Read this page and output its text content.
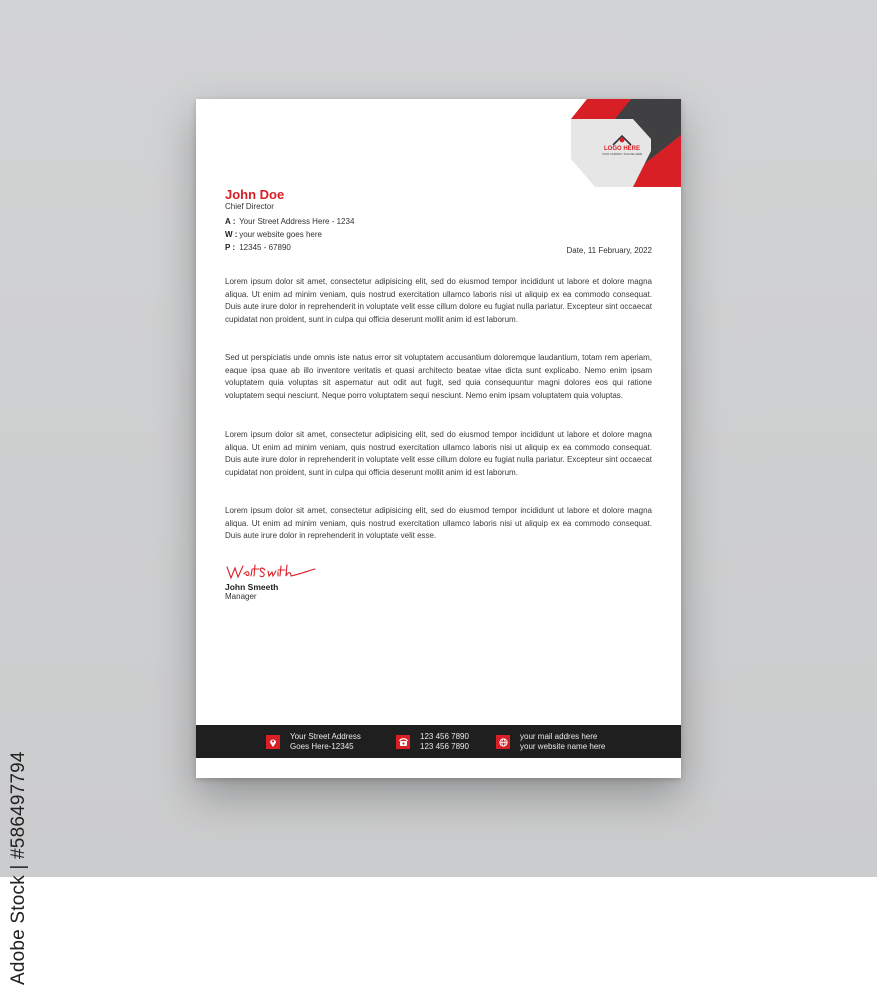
Adobe Stock | #586497794
LOGO HERE
YOUR COMPANY TAGLINE HERE
John Doe
Chief Director
A : Your Street Address Here - 1234
W : your website goes here
P : 12345 - 67890	Date, 11 February, 2022

Lorem ipsum dolor sit amet, consectetur adipisicing elit, sed do eiusmod tempor incididunt ut labore et dolore magna aliqua. Ut enim ad minim veniam, quis nostrud exercitation ullamco laboris nisi ut aliquip ex ea commodo consequat. Duis aute irure dolor in reprehenderit in voluptate velit esse cillum dolore eu fugiat nulla pariatur. Excepteur sint occaecat cupidatat non proident, sunt in culpa qui officia deserunt mollit anim id est laborum.

Sed ut perspiciatis unde omnis iste natus error sit voluptatem accusantium doloremque laudantium, totam rem aperiam, eaque ipsa quae ab illo inventore veritatis et quasi architecto beatae vitae dicta sunt explicabo. Nemo enim ipsam voluptatem quia voluptas sit aspernatur aut odit aut fugit, sed quia consequuntur magni dolores eos qui ratione voluptatem sequi nesciunt. Neque porro voluptatem sequi nesciunt. Nemo enim ipsam voluptatem quia voluptas.

Lorem ipsum dolor sit amet, consectetur adipisicing elit, sed do eiusmod tempor incididunt ut labore et dolore magna aliqua. Ut enim ad minim veniam, quis nostrud exercitation ullamco laboris nisi ut aliquip ex ea commodo consequat. Duis aute irure dolor in reprehenderit in voluptate velit esse cillum dolore eu fugiat nulla pariatur. Excepteur sint occaecat cupidatat non proident, sunt in culpa qui officia deserunt mollit anim id est laborum.

Lorem ipsum dolor sit amet, consectetur adipisicing elit, sed do eiusmod tempor incididunt ut labore et dolore magna aliqua. Ut enim ad minim veniam, quis nostrud exercitation ullamco laboris nisi ut aliquip ex ea commodo consequat. Duis aute irure dolor in reprehenderit in voluptate velit esse.

John Smeeth
Manager
Your Street Address
Goes Here-12345
123 456 7890
123 456 7890
your mail addres here
your website name here
